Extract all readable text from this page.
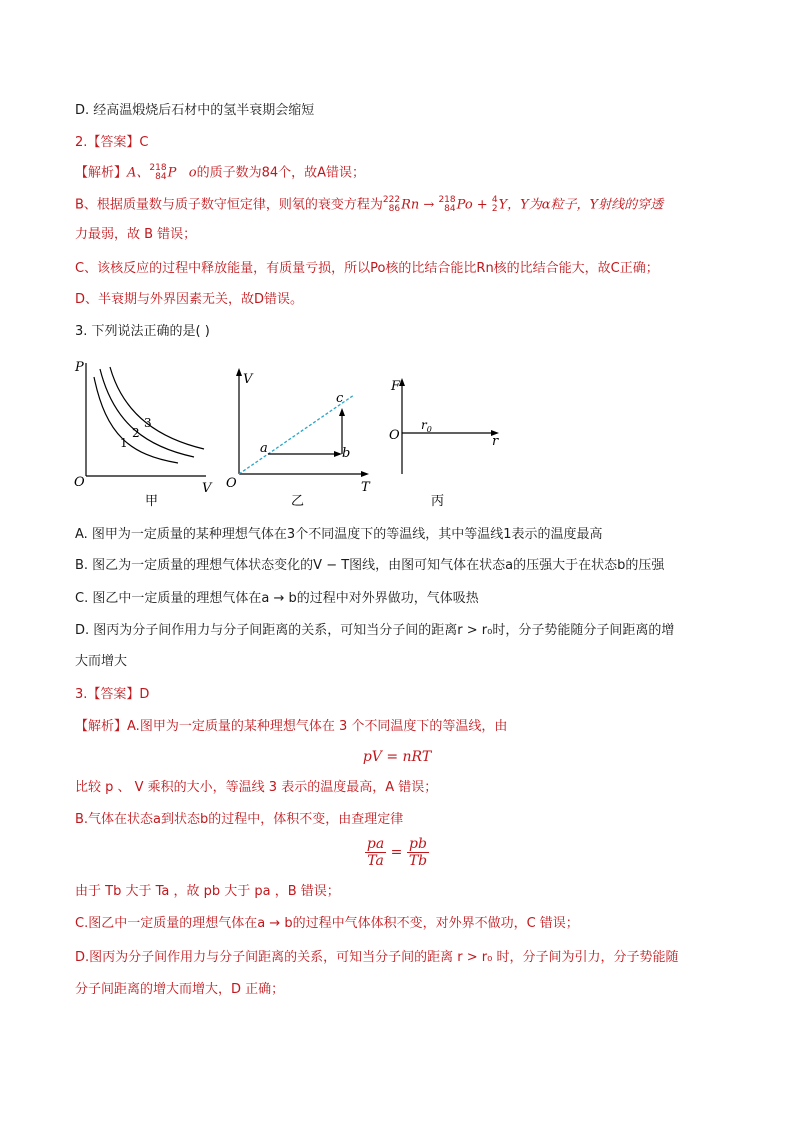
D. 经高温煅烧后石材中的氢半衰期会缩短
2.【答案】C
【解析】A、 218
84 P   o的质子数为84个，故A错误；
B、根据质量数与质子数守恒定律，则氡的衰变方程为 222
86 Rn → 218
84 Po + 4
2 Y，Y为α粒子，Y射线的穿透
力最弱，故 B 错误；
C、该核反应的过程中释放能量，有质量亏损，所以Po核的比结合能比Rn核的比结合能大，故C正确；
D、半衰期与外界因素无关，故D错误。
3. 下列说法正确的是( )
P
O	V
1
2
3
甲
V
O	T
a	b
c
乙
F
O
$r_0$
r
丙
A. 图甲为一定质量的某种理想气体在3个不同温度下的等温线，其中等温线1表示的温度最高
B. 图乙为一定质量的理想气体状态变化的V − T图线，由图可知气体在状态a的压强大于在状态b的压强
C. 图乙中一定质量的理想气体在a → b的过程中对外界做功，气体吸热
D. 图丙为分子间作用力与分子间距离的关系，可知当分子间的距离r > r₀时，分子势能随分子间距离的增
大而增大
3.【答案】D
【解析】A.图甲为一定质量的某种理想气体在 3 个不同温度下的等温线，由
pV = nRT
比较 p 、 V 乘积的大小，等温线 3 表示的温度最高，A 错误；
B.气体在状态a到状态b的过程中，体积不变，由查理定律
$\frac{pa}{Ta} = \frac{pb}{Tb}$
由于 Tb 大于 Ta ，故 pb 大于 pa ，B 错误；
C.图乙中一定质量的理想气体在a → b的过程中气体体积不变，对外界不做功，C 错误；
D.图丙为分子间作用力与分子间距离的关系，可知当分子间的距离 r > r₀ 时，分子间为引力，分子势能随
分子间距离的增大而增大，D 正确；
